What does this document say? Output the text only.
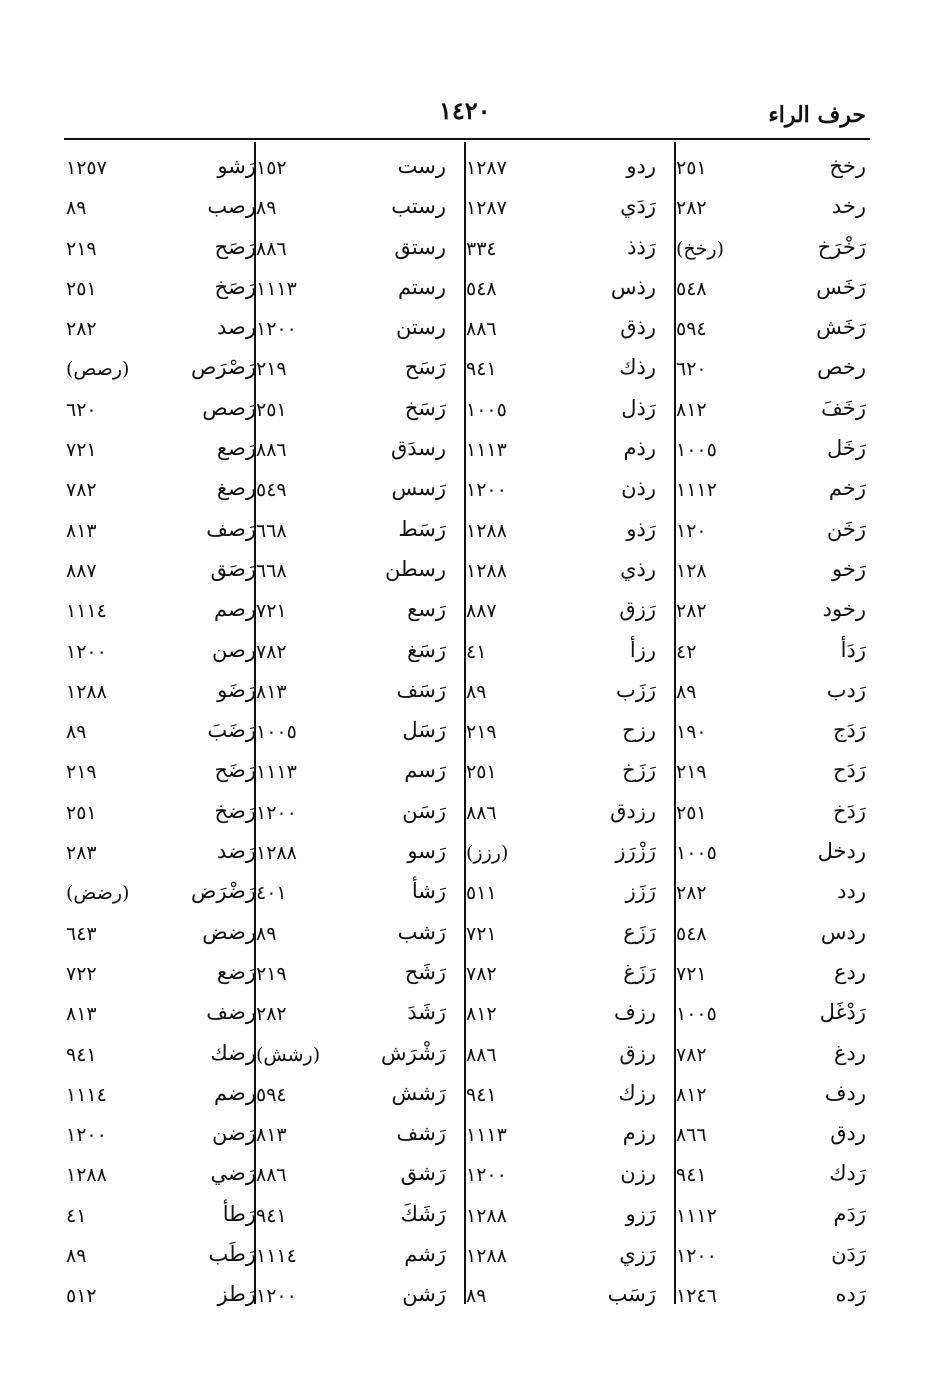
حرف الراء
١٤٢٠
رخخ
٢٥١
رخد
٢٨٢
رَخْرَخ
(رخخ)
رَخَس
٥٤٨
رَخَش
٥٩٤
رخص
٦٢٠
رَخَفَ
٨١٢
رَخَل
١٠٠٥
رَخم
١١١٢
رَخَن
١٢٠
رَخو
١٢٨
رخود
٢٨٢
رَدَأ
٤٢
رَدب
٨٩
رَدَج
١٩٠
رَدَح
٢١٩
رَدَخ
٢٥١
ردخل
١٠٠٥
ردد
٢٨٢
ردس
٥٤٨
ردع
٧٢١
رَدْغَل
١٠٠٥
ردغ
٧٨٢
ردف
٨١٢
ردق
٨٦٦
رَدك
٩٤١
رَدَم
١١١٢
رَدَن
١٢٠٠
رَده
١٢٤٦
ردو
١٢٨٧
رَدَي
١٢٨٧
رَذذ
٣٣٤
رذس
٥٤٨
رذق
٨٨٦
رذك
٩٤١
رَذل
١٠٠٥
رذم
١١١٣
رذن
١٢٠٠
رَذو
١٢٨٨
رذي
١٢٨٨
رَزق
٨٨٧
رزأ
٤١
رَزَب
٨٩
رزح
٢١٩
رَزَخ
٢٥١
رزدق
٨٨٦
رَزْرَز
(رزز)
رَزَز
٥١١
رَزَع
٧٢١
رَزَغ
٧٨٢
رزف
٨١٢
رزق
٨٨٦
رزك
٩٤١
رزم
١١١٣
رزن
١٢٠٠
رَزو
١٢٨٨
رَزي
١٢٨٨
رَسَب
٨٩
رست
١٥٢
رستب
٨٩
رستق
٨٨٦
رستم
١١١٣
رستن
١٢٠٠
رَسَح
٢١٩
رَسَخ
٢٥١
رسدَق
٨٨٦
رَسس
٥٤٩
رَسَط
٦٦٨
رسطن
٦٦٨
رَسع
٧٢١
رَسَغ
٧٨٢
رَسَف
٨١٣
رَسَل
١٠٠٥
رَسم
١١١٣
رَسَن
١٢٠٠
رَسو
١٢٨٨
رَشأ
٤٠١
رَشب
٨٩
رَشَح
٢١٩
رَشَدَ
٢٨٢
رَشْرَش
(رشش)
رَشش
٥٩٤
رَشف
٨١٣
رَشق
٨٨٦
رَشَكَ
٩٤١
رَشم
١١١٤
رَشن
١٢٠٠
رَشو
١٢٥٧
رصب
٨٩
رَصَح
٢١٩
رَصَخ
٢٥١
رصد
٢٨٢
رَصْرَص
(رصص)
رَصص
٦٢٠
رَصع
٧٢١
رصغ
٧٨٢
رَصف
٨١٣
رَصَق
٨٨٧
رصم
١١١٤
رصن
١٢٠٠
رَضَو
١٢٨٨
رَضَبَ
٨٩
رَضَح
٢١٩
رَضخ
٢٥١
رَضد
٢٨٣
رَضْرَض
(رضض)
رضض
٦٤٣
رَضع
٧٢٢
رضف
٨١٣
رضك
٩٤١
رضم
١١١٤
رَضن
١٢٠٠
رَضي
١٢٨٨
رَطأ
٤١
رَطَب
٨٩
رَطز
٥١٢
